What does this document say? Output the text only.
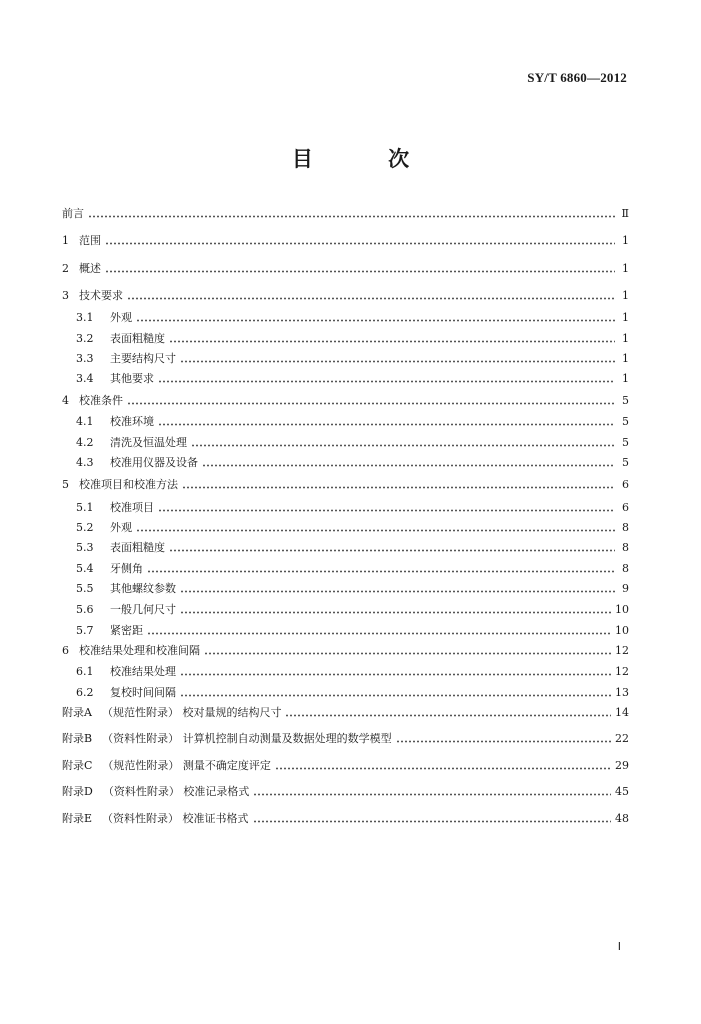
SY/T 6860—2012
目 次
前言	Ⅱ
1 范围	1
2 概述	1
3 技术要求	1
3.1	外观	1
3.2	表面粗糙度	1
3.3	主要结构尺寸	1
3.4	其他要求	1
4 校准条件	5
4.1	校准环境	5
4.2	清洗及恒温处理	5
4.3	校准用仪器及设备	5
5 校准项目和校准方法	6
5.1	校准项目	6
5.2	外观	8
5.3	表面粗糙度	8
5.4	牙侧角	8
5.5	其他螺纹参数	9
5.6	一般几何尺寸	10
5.7	紧密距	10
6 校准结果处理和校准间隔	12
6.1	校准结果处理	12
6.2	复校时间间隔	13
附录A （规范性附录） 校对量规的结构尺寸	14
附录B （资料性附录） 计算机控制自动测量及数据处理的数学模型	22
附录C （规范性附录） 测量不确定度评定	29
附录D （资料性附录） 校准记录格式	45
附录E （资料性附录） 校准证书格式	48
Ⅰ
